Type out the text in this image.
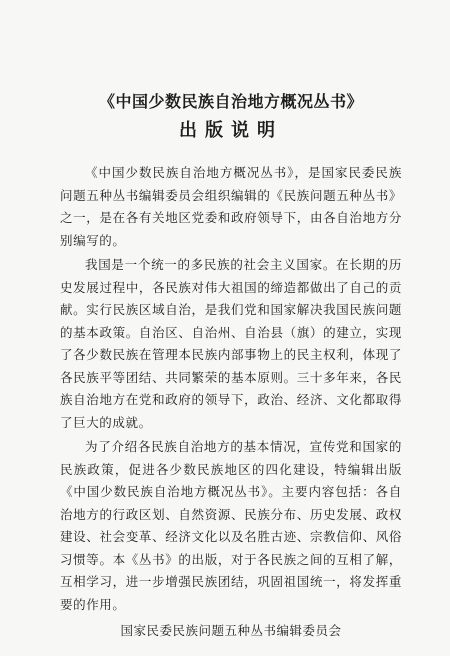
《中国少数民族自治地方概况丛书》
出版说明

《中国少数民族自治地方概况丛书》，是国家民委民族问题五种丛书编辑委员会组织编辑的《民族问题五种丛书》之一，是在各有关地区党委和政府领导下，由各自治地方分别编写的。

我国是一个统一的多民族的社会主义国家。在长期的历史发展过程中，各民族对伟大祖国的缔造都做出了自己的贡献。实行民族区域自治，是我们党和国家解决我国民族问题的基本政策。自治区、自治州、自治县（旗）的建立，实现了各少数民族在管理本民族内部事物上的民主权利，体现了各民族平等团结、共同繁荣的基本原则。三十多年来，各民族自治地方在党和政府的领导下，政治、经济、文化都取得了巨大的成就。

为了介绍各民族自治地方的基本情况，宣传党和国家的民族政策，促进各少数民族地区的四化建设，特编辑出版《中国少数民族自治地方概况丛书》。主要内容包括：各自治地方的行政区划、自然资源、民族分布、历史发展、政权建设、社会变革、经济文化以及名胜古迹、宗教信仰、风俗习惯等。本《丛书》的出版，对于各民族之间的互相了解，互相学习，进一步增强民族团结，巩固祖国统一，将发挥重要的作用。

国家民委民族问题五种丛书编辑委员会
